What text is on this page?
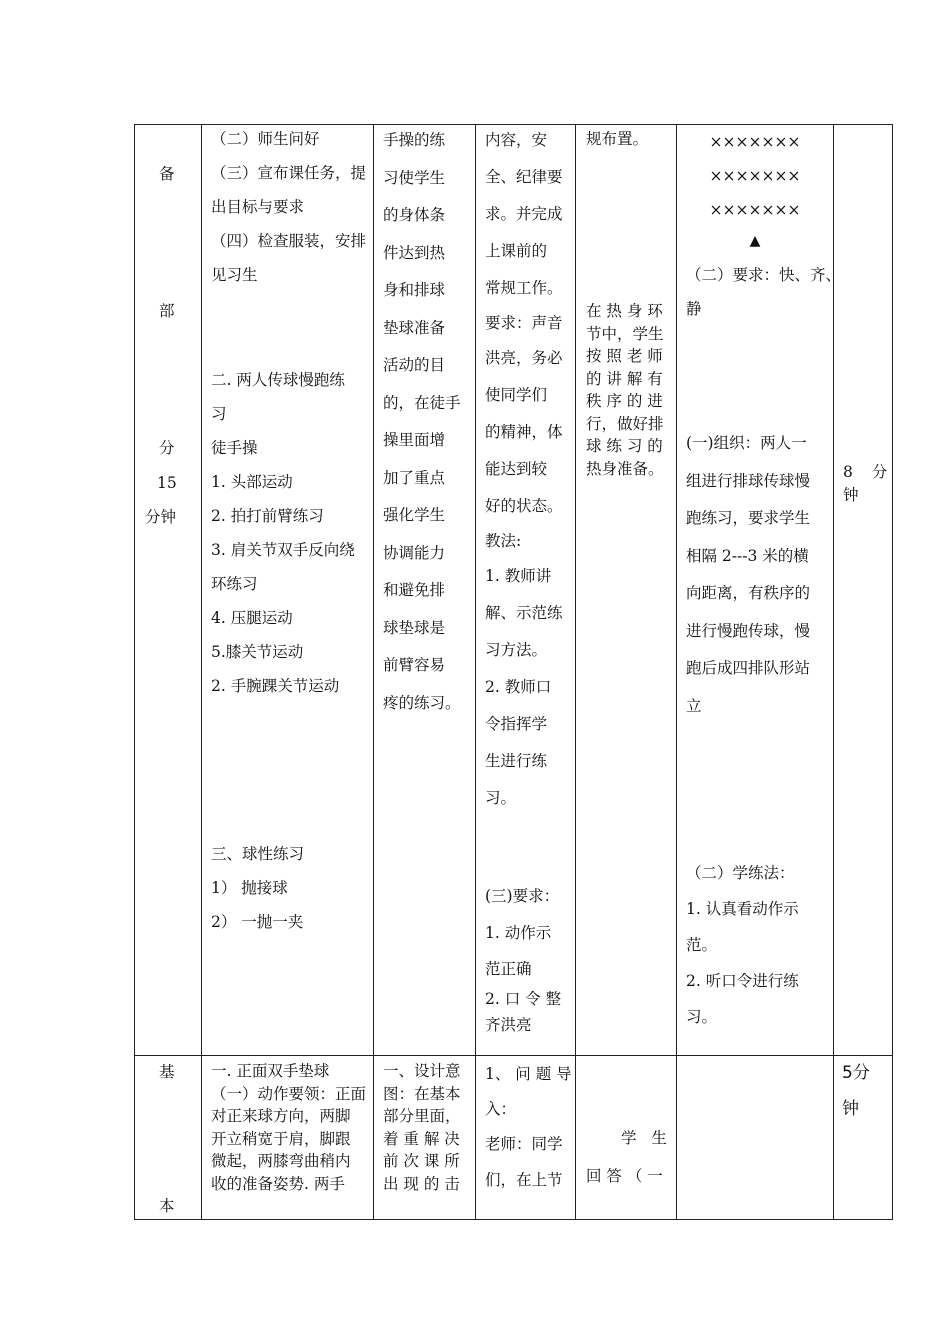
备
部
分
15
分钟
（二）师生问好
（三）宣布课任务，提
出目标与要求
（四）检查服装，安排
见习生
二. 两人传球慢跑练
习
徒手操
1. 头部运动
2. 拍打前臂练习
3. 肩关节双手反向绕
环练习
4. 压腿运动
5.膝关节运动
2. 手腕踝关节运动
三、球性练习
1） 抛接球
2） 一抛一夹
手操的练
习使学生
的身体条
件达到热
身和排球
垫球准备
活动的目
的，在徒手
操里面增
加了重点
强化学生
协调能力
和避免排
球垫球是
前臂容易
疼的练习。
内容，安
全、纪律要
求。并完成
上课前的
常规工作。
要求：声音
洪亮，务必
使同学们
的精神，体
能达到较
好的状态。
教法:
1. 教师讲
解、示范练
习方法。
2. 教师口
令指挥学
生进行练
习。
(三)要求：
1. 动作示
范正确
2. 口 令 整
齐洪亮
规布置。
在 热 身 环
节中，学生
按 照 老 师
的 讲 解 有
秩 序 的 进
行，做好排
球 练 习 的
热身准备。
×××××××
×××××××
×××××××
▲
（二）要求：快、齐、
静
(一)组织：两人一
组进行排球传球慢
跑练习，要求学生
相隔 2---3 米的横
向距离，有秩序的
进行慢跑传球，慢
跑后成四排队形站
立
（二）学练法：
1. 认真看动作示
范。
2. 听口令进行练
习。
8 分
钟
基
本
一. 正面双手垫球
（一）动作要领：正面
对正来球方向，两脚
开立稍宽于肩，脚跟
微起，两膝弯曲稍内
收的准备姿势. 两手
一、设计意
图：在基本
部分里面，
着 重 解 决
前 次 课 所
出 现 的 击
1、 问 题 导
入：
老师：同学
们，在上节
学 生
回 答 （ 一
5分
钟
